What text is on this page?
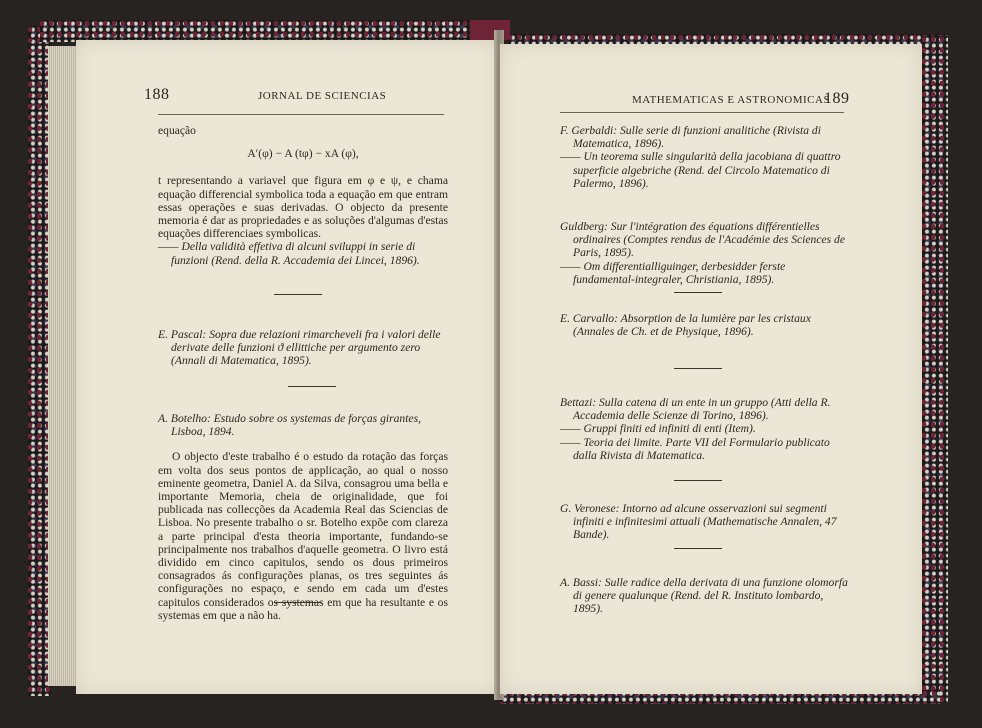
188	JORNAL DE SCIENCIAS

equação

A′(φ) − A (tφ) − xA (φ),

t representando a variavel que figura em φ e ψ, e chama equação differencial symbolica toda a equação em que entram essas operações e suas derivadas. O objecto da presente memoria é dar as propriedades e as soluções d'algumas d'estas equações differenciaes symbolicas.

—— Della validità effetiva di alcuni sviluppi in serie di funzioni (Rend. della R. Accademia dei Lincei, 1896).

E. Pascal: Sopra due relazioni rimarcheveli fra i valori delle derivate delle funzioni ϑ ellittiche per argumento zero (Annali di Matematica, 1895).

A. Botelho: Estudo sobre os systemas de forças girantes, Lisboa, 1894.

O objecto d'este trabalho é o estudo da rotação das forças em volta dos seus pontos de applicação, ao qual o nosso eminente geometra, Daniel A. da Silva, consagrou uma bella e importante Memoria, cheia de originalidade, que foi publicada nas collecções da Academia Real das Sciencias de Lisboa. No presente trabalho o sr. Botelho expõe com clareza a parte principal d'esta theoria importante, fundando-se principalmente nos trabalhos d'aquelle geometra. O livro está dividido em cinco capitulos, sendo os dous primeiros consagrados ás configurações planas, os tres seguintes ás configurações no espaço, e sendo em cada um d'estes capitulos considerados os systemas em que ha resultante e os systemas em que a não ha.

MATHEMATICAS E ASTRONOMICAS
189

F. Gerbaldi: Sulle serie di funzioni analitiche (Rivista di Matematica, 1896).

—— Un teorema sulle singularità della jacobiana di quattro superficie algebriche (Rend. del Circolo Matematico di Palermo, 1896).

Guldberg: Sur l'intégration des équations différentielles ordinaires (Comptes rendus de l'Académie des Sciences de Paris, 1895).

—— Om differentialliguinger, derbesidder ferste fundamental-integraler, Christiania, 1895).

E. Carvallo: Absorption de la lumière par les cristaux (Annales de Ch. et de Physique, 1896).

Bettazi: Sulla catena di un ente in un gruppo (Atti della R. Accademia delle Scienze di Torino, 1896).

—— Gruppi finiti ed infiniti di enti (Item).

—— Teoria dei limite. Parte VII del Formulario publicato dalla Rivista di Matematica.

G. Veronese: Intorno ad alcune osservazioni sui segmenti infiniti e infinitesimi attuali (Mathematische Annalen, 47 Bande).

A. Bassi: Sulle radice della derivata di una funzione olomorfa di genere qualunque (Rend. del R. Instituto lombardo, 1895).
